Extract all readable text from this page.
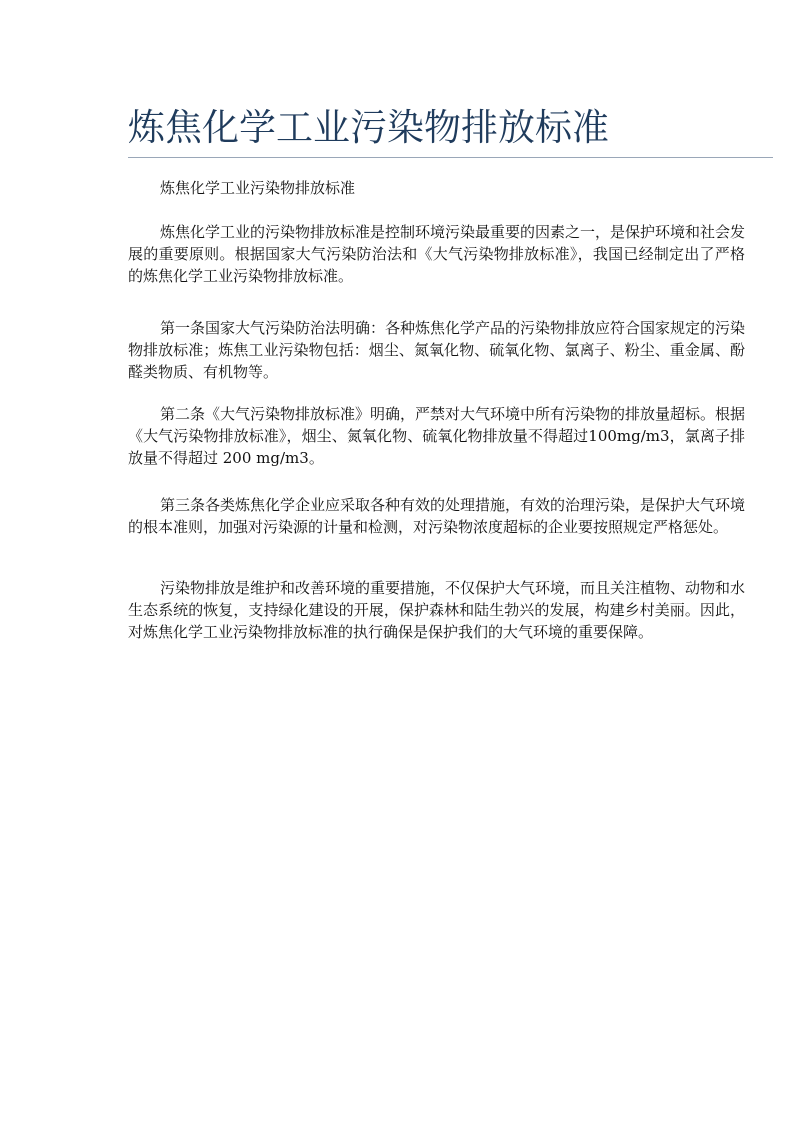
炼焦化学工业污染物排放标准
炼焦化学工业污染物排放标准

炼焦化学工业的污染物排放标准是控制环境污染最重要的因素之一，是保护环境和社会发展的重要原则。根据国家大气污染防治法和《大气污染物排放标准》，我国已经制定出了严格的炼焦化学工业污染物排放标准。

第一条国家大气污染防治法明确：各种炼焦化学产品的污染物排放应符合国家规定的污染物排放标准；炼焦工业污染物包括：烟尘、氮氧化物、硫氧化物、氯离子、粉尘、重金属、酚醛类物质、有机物等。

第二条《大气污染物排放标准》明确，严禁对大气环境中所有污染物的排放量超标。根据《大气污染物排放标准》，烟尘、氮氧化物、硫氧化物排放量不得超过100mg/m3，氯离子排放量不得超过 200 mg/m3。

第三条各类炼焦化学企业应采取各种有效的处理措施，有效的治理污染，是保护大气环境的根本准则，加强对污染源的计量和检测，对污染物浓度超标的企业要按照规定严格惩处。

污染物排放是维护和改善环境的重要措施，不仅保护大气环境，而且关注植物、动物和水生态系统的恢复，支持绿化建设的开展，保护森林和陆生勃兴的发展，构建乡村美丽。因此，对炼焦化学工业污染物排放标准的执行确保是保护我们的大气环境的重要保障。
